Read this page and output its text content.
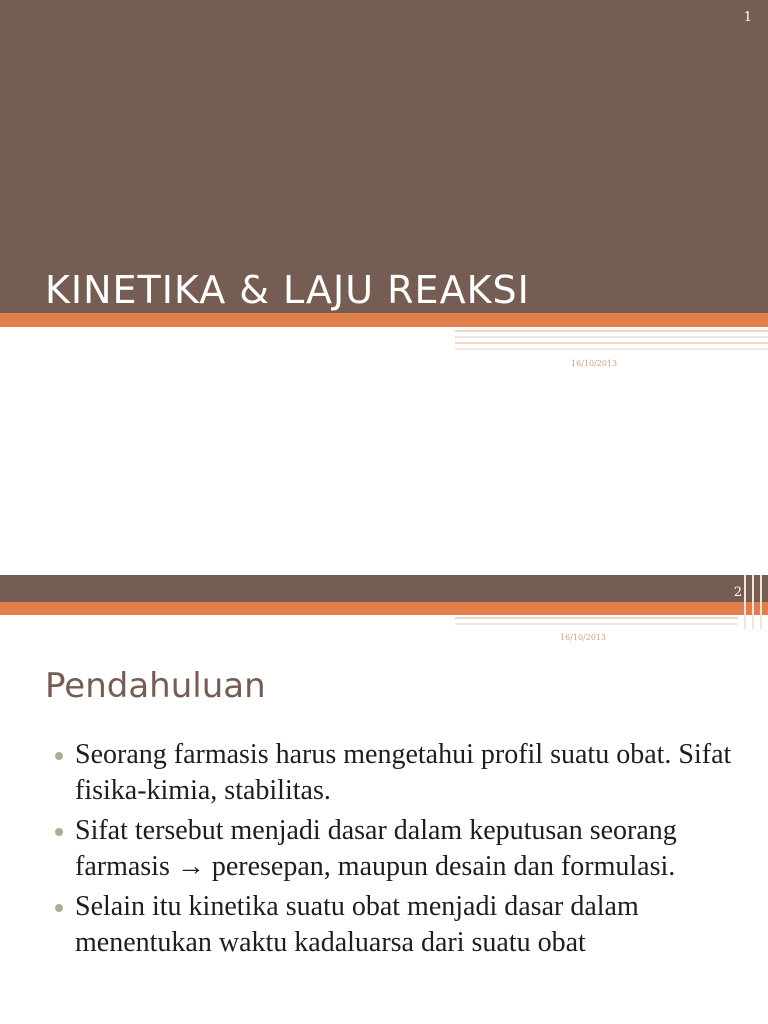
1
KINETIKA & LAJU REAKSI
16/10/2013
2
16/10/2013
Pendahuluan
Seorang farmasis harus mengetahui profil suatu obat. Sifat fisika-kimia, stabilitas.
Sifat tersebut menjadi dasar dalam keputusan seorang farmasis → peresepan, maupun desain dan formulasi.
Selain itu kinetika suatu obat menjadi dasar dalam menentukan waktu kadaluarsa dari suatu obat
